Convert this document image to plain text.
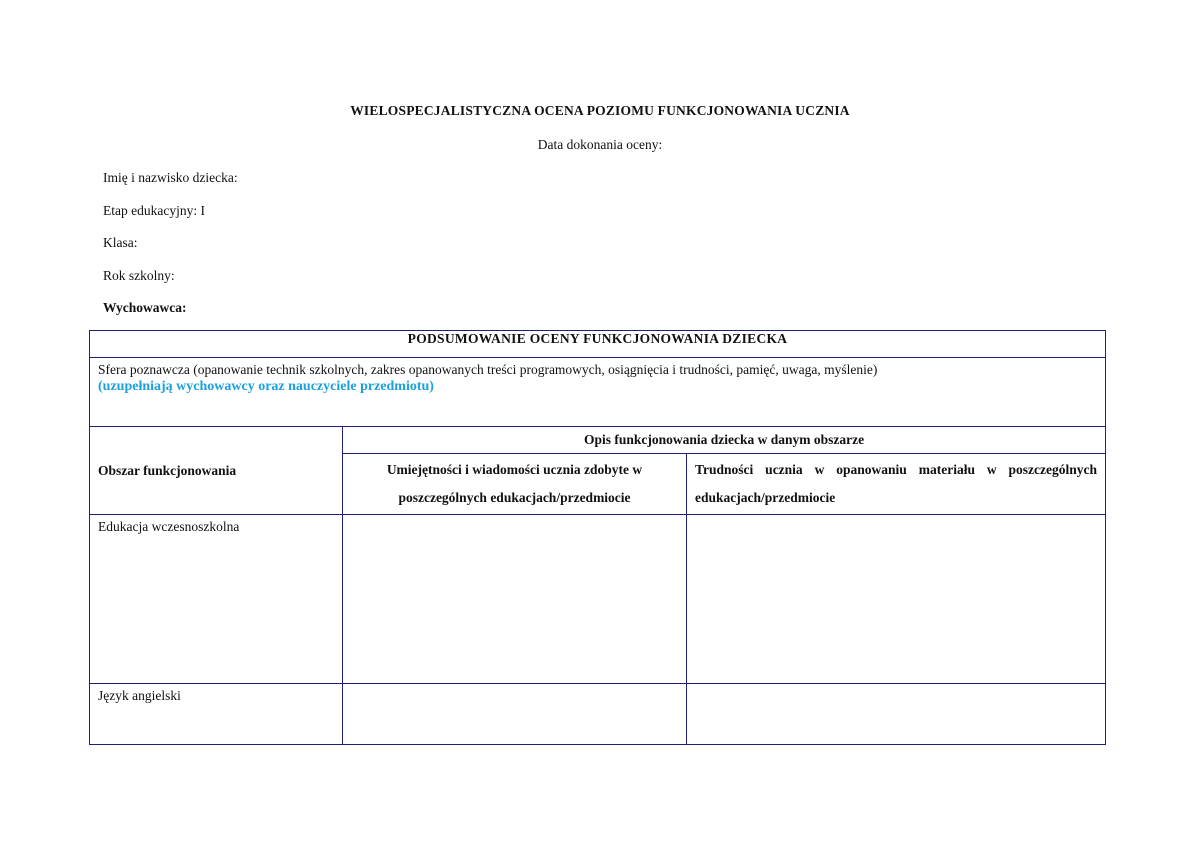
WIELOSPECJALISTYCZNA OCENA POZIOMU FUNKCJONOWANIA UCZNIA
Data dokonania oceny:
Imię i nazwisko dziecka:
Etap edukacyjny: I
Klasa:
Rok szkolny:
Wychowawca:
PODSUMOWANIE OCENY FUNKCJONOWANIA DZIECKA		

Sfera poznawcza (opanowanie technik szkolnych, zakres opanowanych treści programowych, osiągnięcia i trudności, pamięć, uwaga, myślenie)
(uzupełniają wychowawcy oraz nauczyciele przedmiotu)		

Obszar funkcjonowania	Opis funkcjonowania dziecka w danym obszarze	
	Umiejętności i wiadomości ucznia zdobyte w poszczególnych edukacjach/przedmiocie	Trudności ucznia w opanowaniu materiału w poszczególnych edukacjach/przedmiocie
Edukacja wczesnoszkolna		
Język angielski		
